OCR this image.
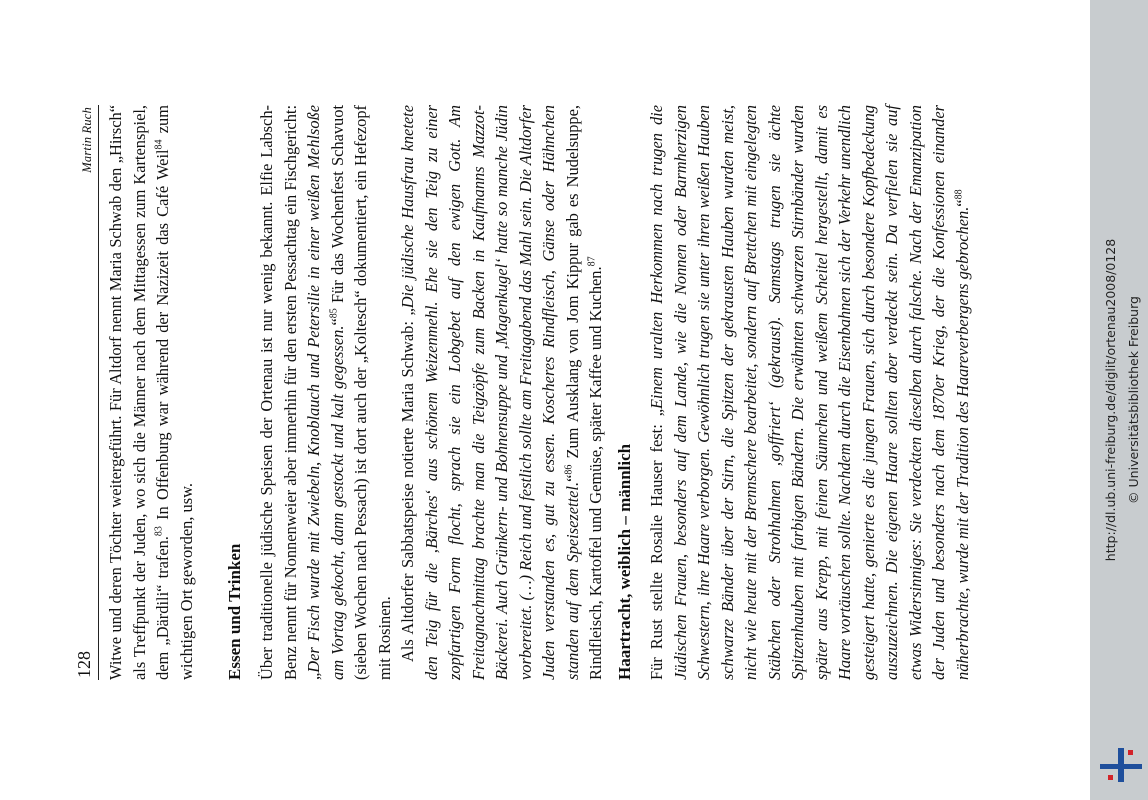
128
Martin Ruch Witwe und deren Töchter weitergeführt. Für Altdorf nennt Maria Schwab den „Hirsch“ als Treffpunkt der Juden, wo sich die Männer nach dem Mittagessen zum Kartenspiel, dem „Därdili“ trafen.$^{83}$ In Offenburg war während der Nazizeit das Café Weil$^{84}$ zum wichtigen Ort geworden, usw. Essen und Trinken Über traditionelle jüdische Speisen der Ortenau ist nur wenig bekannt. Elfie Labsch-Benz nennt für Nonnenweier aber immerhin für den ersten Pessachtag ein Fischgericht: „Der Fisch wurde mit Zwiebeln, Knoblauch und Petersilie in einer weißen Mehlsoße am Vortag gekocht, dann gestockt und kalt gegessen.“$^{85}$ Für das Wochenfest Schavuot (sieben Wochen nach Pessach) ist dort auch der „Koltesch“ dokumentiert, ein Hefezopf mit Rosinen. Als Altdorfer Sabbatspeise notierte Maria Schwab: „Die jüdische Hausfrau knetete den Teig für die ‚Bärches‘ aus schönem Weizenmehl. Ehe sie den Teig zu einer zopfartigen Form flocht, sprach sie ein Lobgebet auf den ewigen Gott. Am Freitagnachmittag brachte man die Teigzöpfe zum Backen in Kaufmanns Mazzot-Bäckerei. Auch Grünkern- und Bohnensuppe und ‚Magenkugel‘ hatte so manche Jüdin vorbereitet. (…) Reich und festlich sollte am Freitagabend das Mahl sein. Die Altdorfer Juden verstanden es, gut zu essen. Koscheres Rindfleisch, Gänse oder Hähnchen standen auf dem Speisezettel.“$^{86}$ Zum Ausklang von Jom Kippur gab es Nudelsuppe, Rindfleisch, Kartoffel und Gemüse, später Kaffee und Kuchen.$^{87}$

Haartracht, weiblich – männlich Für Rust stellte Rosalie Hauser fest: „Einem uralten Herkommen nach trugen die Jüdischen Frauen, besonders auf dem Lande, wie die Nonnen oder Barmherzigen Schwestern, ihre Haare verborgen. Gewöhnlich trugen sie unter ihren weißen Hauben schwarze Bänder über der Stirn, die Spitzen der gekrausten Hauben wurden meist, nicht wie heute mit der Brennschere bearbeitet, sondern auf Brettchen mit eingelegten Stäbchen oder Strohhalmen ‚goffriert‘ (gekraust). Samstags trugen sie ächte Spitzenhauben mit farbigen Bändern. Die erwähnten schwarzen Stirnbänder wurden später aus Krepp, mit feinen Säumchen und weißem Scheitel hergestellt, damit es Haare vortäuschen sollte. Nachdem durch die Eisenbahnen sich der Verkehr unendlich gesteigert hatte, genierte es die jungen Frauen, sich durch besondere Kopfbedeckung auszuzeichnen. Die eigenen Haare sollten aber verdeckt sein. Da verfielen sie auf etwas Widersinniges: Sie verdeckten dieselben durch falsche. Nach der Emanzipation der Juden und besonders nach dem 1870er Krieg, der die Konfessionen einander näherbrachte, wurde mit der Tradition des Haareverbergens gebrochen.“$^{88}$

http://dl.ub.uni-freiburg.de/diglit/ortenau2008/0128 © Universitätsbibliothek Freiburg
